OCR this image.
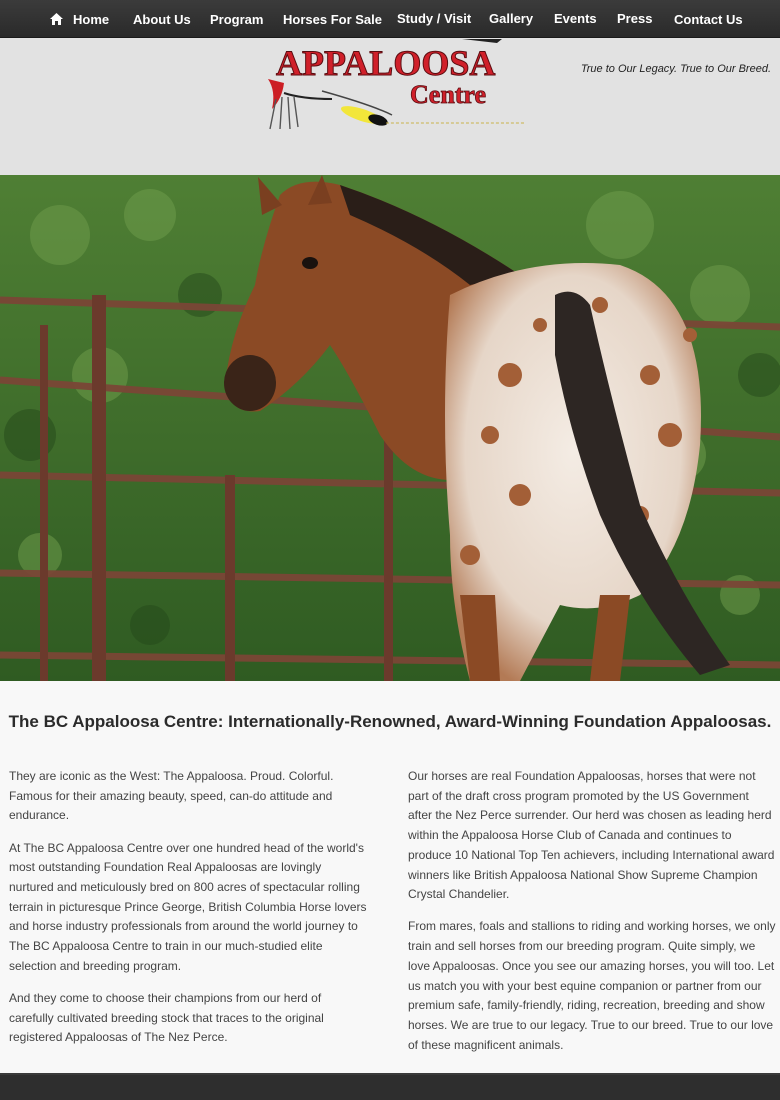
Home About Us Program Horses For Sale Study / Visit Gallery Events Press Contact Us
APPALOOSA
Centre
True to Our Legacy. True to Our Breed.
The BC Appaloosa Centre: Internationally-Renowned, Award-Winning Foundation Appaloosas.

They are iconic as the West: The Appaloosa. Proud. Colorful. Famous for their amazing beauty, speed, can-do attitude and endurance.

At The BC Appaloosa Centre over one hundred head of the world's most outstanding Foundation Real Appaloosas are lovingly nurtured and meticulously bred on 800 acres of spectacular rolling terrain in picturesque Prince George, British Columbia Horse lovers and horse industry professionals from around the world journey to The BC Appaloosa Centre to train in our much-studied elite selection and breeding program.

And they come to choose their champions from our herd of carefully cultivated breeding stock that traces to the original registered Appaloosas of The Nez Perce.

Our horses are real Foundation Appaloosas, horses that were not part of the draft cross program promoted by the US Government after the Nez Perce surrender. Our herd was chosen as leading herd within the Appaloosa Horse Club of Canada and continues to produce 10 National Top Ten achievers, including International award winners like British Appaloosa National Show Supreme Champion Crystal Chandelier.

From mares, foals and stallions to riding and working horses, we only train and sell horses from our breeding program. Quite simply, we love Appaloosas. Once you see our amazing horses, you will too. Let us match you with your best equine companion or partner from our premium safe, family-friendly, riding, recreation, breeding and show horses. We are true to our legacy. True to our breed. True to our love of these magnificent animals.
